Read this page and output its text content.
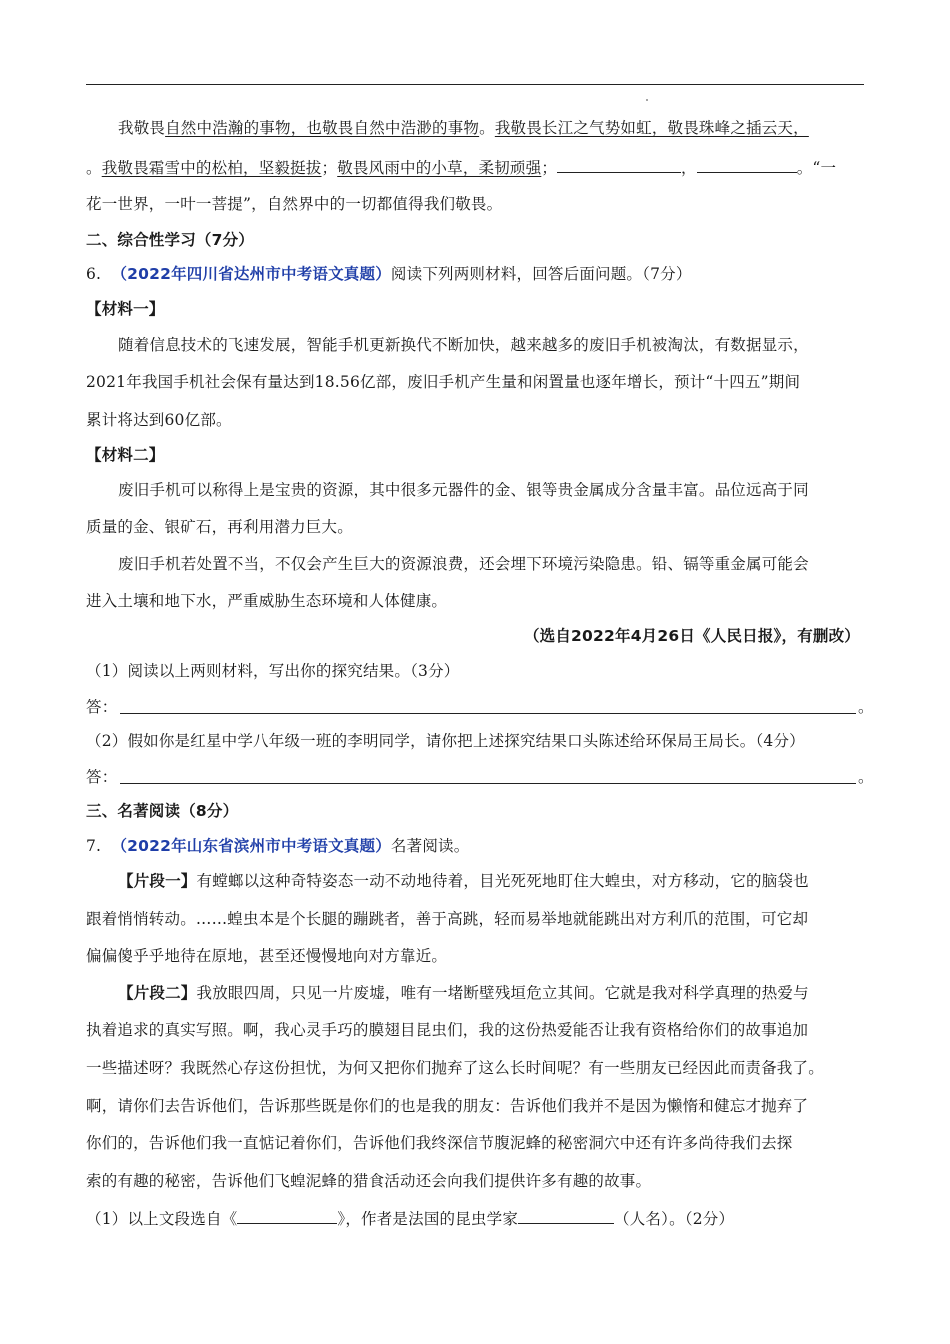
我敬畏自然中浩瀚的事物，也敬畏自然中浩渺的事物。我敬畏长江之气势如虹，敬畏珠峰之插云天，
。我敬畏霜雪中的松柏，坚毅挺拔；敬畏风雨中的小草，柔韧顽强；	，	。“一
花一世界，一叶一菩提”，自然界中的一切都值得我们敬畏。
二、综合性学习（7分）
6. （2022年四川省达州市中考语文真题）阅读下列两则材料，回答后面问题。（7分）
【材料一】
随着信息技术的飞速发展，智能手机更新换代不断加快，越来越多的废旧手机被淘汰，有数据显示，
2021年我国手机社会保有量达到18.56亿部，废旧手机产生量和闲置量也逐年增长，预计“十四五”期间
累计将达到60亿部。
【材料二】
废旧手机可以称得上是宝贵的资源，其中很多元器件的金、银等贵金属成分含量丰富。品位远高于同
质量的金、银矿石，再利用潜力巨大。
废旧手机若处置不当，不仅会产生巨大的资源浪费，还会埋下环境污染隐患。铅、镉等重金属可能会
进入土壤和地下水，严重威胁生态环境和人体健康。
（选自2022年4月26日《人民日报》，有删改）
（1）阅读以上两则材料，写出你的探究结果。（3分）
答：	。
（2）假如你是红星中学八年级一班的李明同学，请你把上述探究结果口头陈述给环保局王局长。（4分）
答：	。
三、名著阅读（8分）
7. （2022年山东省滨州市中考语文真题）名著阅读。
【片段一】有螳螂以这种奇特姿态一动不动地待着，目光死死地盯住大蝗虫，对方移动，它的脑袋也
跟着悄悄转动。……蝗虫本是个长腿的蹦跳者，善于高跳，轻而易举地就能跳出对方利爪的范围，可它却
偏偏傻乎乎地待在原地，甚至还慢慢地向对方靠近。
【片段二】我放眼四周，只见一片废墟，唯有一堵断壁残垣危立其间。它就是我对科学真理的热爱与
执着追求的真实写照。啊，我心灵手巧的膜翅目昆虫们，我的这份热爱能否让我有资格给你们的故事追加
一些描述呀？我既然心存这份担忧，为何又把你们抛弃了这么长时间呢？有一些朋友已经因此而责备我了。
啊，请你们去告诉他们，告诉那些既是你们的也是我的朋友：告诉他们我并不是因为懒惰和健忘才抛弃了
你们的，告诉他们我一直惦记着你们，告诉他们我终深信节腹泥蜂的秘密洞穴中还有许多尚待我们去探
索的有趣的秘密，告诉他们飞蝗泥蜂的猎食活动还会向我们提供许多有趣的故事。
（1）以上文段选自《	》，作者是法国的昆虫学家	（人名）。（2分）
